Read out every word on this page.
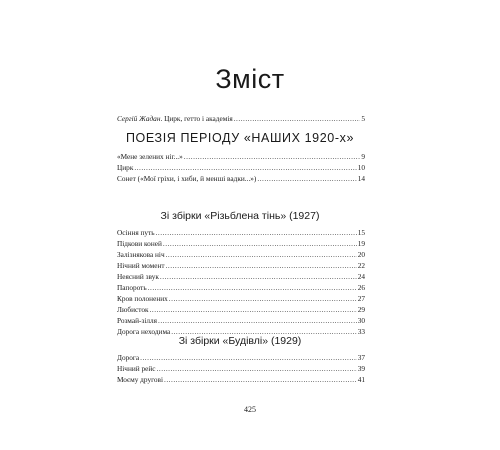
Зміст
Сергій Жадан. Цирк, гетто і академія .....	5
ПОЕЗІЯ ПЕРІОДУ «НАШИХ 1920-х»
«Мене зелених ніг...» .....	9
Цирк .....	10
Сонет («Мої гріхи, і хиби, й менші вадки...») .....	14
Зі збірки «Різьблена тінь» (1927)
Осіння путь .....	15
Підкови коней .....	19
Залізнякова ніч .....	20
Нічний момент .....	22
Неясний звук .....	24
Папороть .....	26
Кров полонених .....	27
Любисток .....	29
Розмай-зілля .....	30
Дорога неходима .....	33
Зі збірки «Будівлі» (1929)
Дорога .....	37
Нічний рейс .....	39
Моєму другові .....	41
425
